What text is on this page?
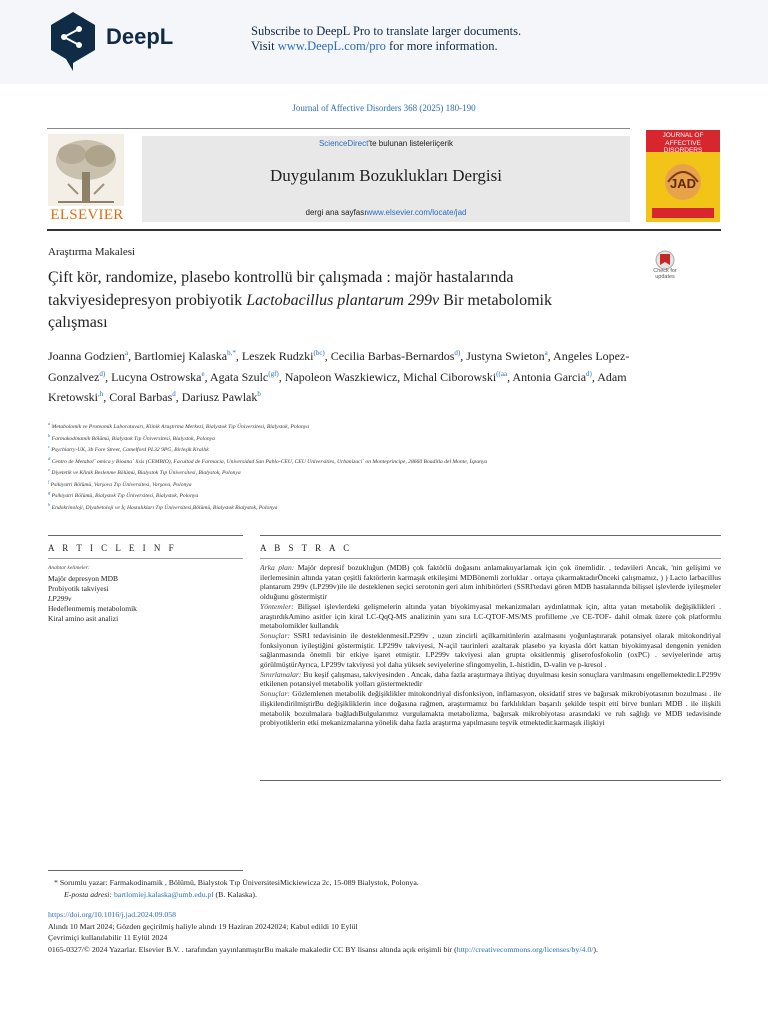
DeepL	Subscribe to DeepL Pro to translate larger documents.
Visit www.DeepL.com/pro for more information.
Journal of Affective Disorders 368 (2025) 180-190
ELSEVIER
ScienceDirect'te bulunan listeleriiçerik
Duygulanım Bozuklukları Dergisi
dergi ana sayfasıwww.elsevier.com/locate/jad
JOURNAL OF AFFECTIVE DISORDERS
JAD
Araştırma Makalesi
Çift kör, randomize, plasebo kontrollü bir çalışmada : majör hastalarında takviyesidepresyon probiyotik Lactobacillus plantarum 299v Bir metabolomik çalışması
Check for updates
Joanna Godzien$^a$, Bartlomiej Kalaska$^{b,*}$, Leszek Rudzki$^{(bc)}$, Cecilia Barbas-Bernardos$^{d)}$, Justyna Swieton$^a$, Angeles Lopez-Gonzalvez$^{d)}$, Lucyna Ostrowska$^e$, Agata Szulc$^{(gf)}$, Napoleon Waszkiewicz, Michal Ciborowski$^{((aa}$, Antonia Garcia$^{d)}$, Adam Kretowski$^{,h}$, Coral Barbas$^d$, Dariusz Pawlak$^b$
$^a$ Metabolomik ve Proteomik Laboratuvarı, Klinik Araştırma Merkezi, Bialystok Tıp Üniversitesi, Bialystok, Polonya
$^b$ Farmakodinamik Bölümü, Bialystok Tıp Üniversitesi, Bialystok, Polonya
$^c$ Psychiatry-UK, 3b Fore Street, Camelford PL32 9PG, Birleşik Krallık
$^d$ Centro de Metabol´ omica y Bioana´ lisis (CEMBIO), Facultad de Farmacia, Universidad San Pablo-CEU, CEU Universities, Urbanizaci´ on Monteprincipe, 28660 Boadilla del Monte, İspanya
$^e$ Diyetetik ve Klinik Beslenme Bölümü, Bialystok Tıp Üniversitesi, Bialystok, Polonya
$^f$ Psikiyatri Bölümü, Varşova Tıp Üniversitesi, Varşova, Polonya
$^g$ Psikiyatri Bölümü, Bialystok Tıp Üniversitesi, Bialystok, Polonya
$^h$ Endokrinoloji, Diyabetoloji ve İç Hastalıkları Tıp Üniversitesi,Bölümü, Bialystok Bialystok, Polonya
A R T I C L E I N F	A B S T R A C
Anahtar kelimeler:
Majör depresyon MDB
Probiyotik takviyesi
LP299v
Hedeflenmemiş metabolomik
Kiral amino asit analizi

Arka plan: Majör depresif bozukluğun (MDB) çok faktörlü doğasını anlamakuyarlamak için çok önemlidir. , tedavileri Ancak, 'nin gelişimi ve ilerlemesinin altında yatan çeşitli faktörlerin karmaşık etkileşimi MDBönemli zorluklar . ortaya çıkarmaktadırÖnceki çalışmamız, ) ) Lacto larbacillus plantarum 299v (LP299v)ile ile desteklenen seçici serotonin geri alım inhibitörleri (SSRI'tedavi gören MDB hastalarında bilişsel işlevlerde iyileşmeler olduğunu göstermiştir

Yöntemler: Bilişsel işlevlerdeki gelişmelerin altında yatan biyokimyasal mekanizmaları aydınlatmak için, altta yatan metabolik değişiklikleri . araştırdıkAmino asitler için kiral LC-QqQ-MS analizinin yanı sıra LC-QTOF-MS/MS profilleme ,ve CE-TOF- dahil olmak üzere çok platformlu metabolomikler kullandık

Sonuçlar: SSRI tedavisinin ile desteklenmesiLP299v , uzun zincirli açilkarnitinlerin azalmasını yoğunlaştırarak potansiyel olarak mitokondriyal fonksiyonun iyileştiğini göstermiştir. LP299v takviyesi, N-açil taurinleri azaltarak plasebo ya kıyasla dört kattan biyokimyasal dengenin yeniden sağlanmasında önemli bir etkiye işaret etmiştir. LP299v takviyesi alan grupta oksitlenmiş gliserofosfokolin (oxPC) . seviyelerinde artış görülmüştürAyrıca, LP299v takviyesi yol daha yüksek seviyelerine sfingomyelin, L-histidin, D-valin ve p-kresol .

Sınırlamalar: Bu keşif çalışması, takviyesinden . Ancak, daha fazla araştırmaya ihtiyaç duyulması kesin sonuçlara varılmasını engellemektedir.LP299v etkilenen potansiyel metabolik yolları göstermektedir

Sonuçlar: Gözlemlenen metabolik değişiklikler mitokondriyal disfonksiyon, inflamasyon, oksidatif stres ve bağırsak mikrobiyotasının bozulması . ile ilişkilendirilmiştirBu değişikliklerin ince doğasına rağmen, araştırmamız bu farklılıkları başarılı şekilde tespit etti birve bunları MDB . ile ilişkili metabolik bozulmalara bağladıBulgularımız vurgulamakta metabolizma, bağırsak mikrobiyotası arasındaki ve ruh sağlığı ve MDB tedavisinde probiyotiklerin etki mekanizmalarına yönelik daha fazla araştırma yapılmasını teşvik etmektedir.karmaşık ilişkiyi

* Sorumlu yazar: Farmakodinamik , Bölümü, Bialystok Tıp ÜniversitesiMickiewicza 2c, 15-089 Bialystok, Polonya.
E-posta adresi: bartlomiej.kalaska@umb.edu.pl (B. Kalaska).
https://doi.org/10.1016/j.jad.2024.09.058
Alındı 10 Mart 2024; Gözden geçirilmiş haliyle alındı 19 Haziran 20242024; Kabul edildi 10 Eylül
Çevrimiçi kullanılabilir 11 Eylül 2024
0165-0327/© 2024 Yazarlar. Elsevier B.V. . tarafından yayınlanmıştırBu makale makaledir CC BY lisansı altında açık erişimli bir (http://creativecommons.org/licenses/by/4.0/).
